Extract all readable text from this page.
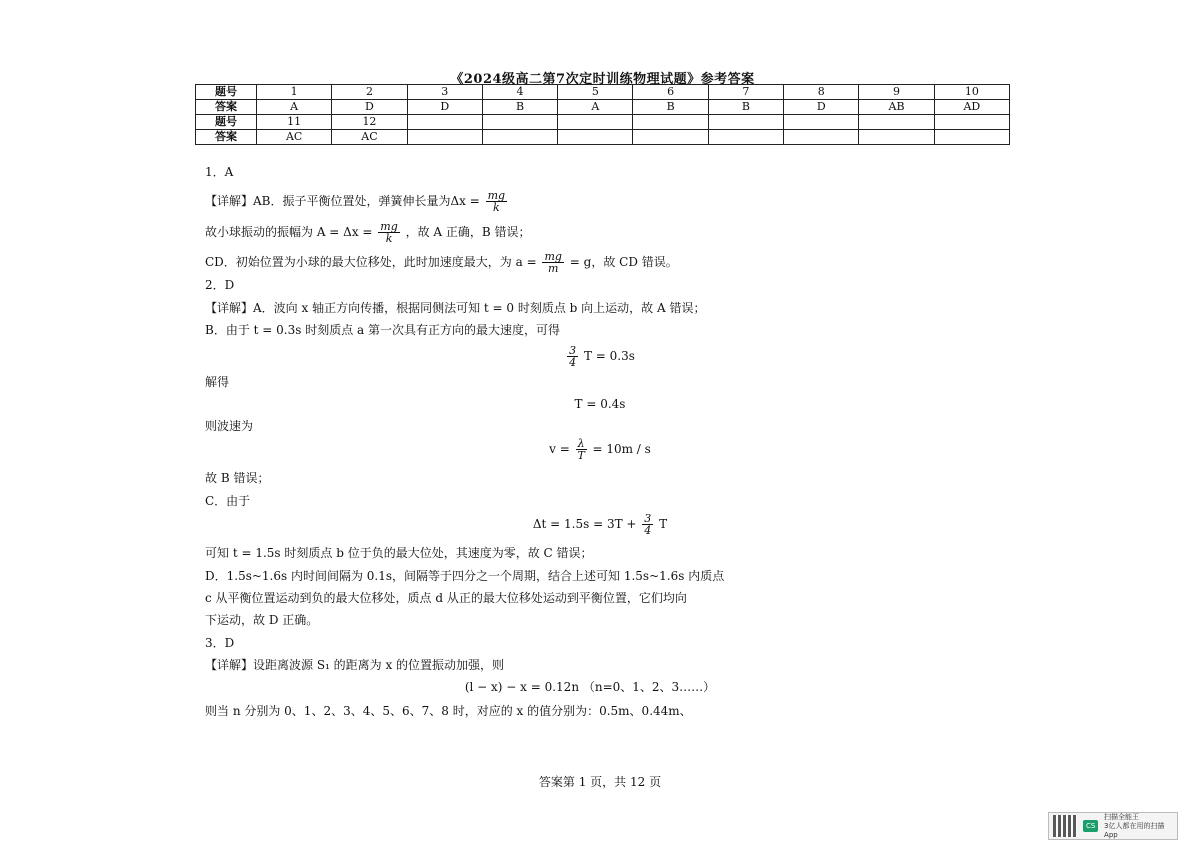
《2024级高二第7次定时训练物理试题》参考答案
题号	1	2	3	4	5	6	7	8	9	10
答案	A	D	D	B	A	B	B	D	AB	AD
题号	11	12								
答案	AC	AC								
1．A
【详解】AB．振子平衡位置处，弹簧伸长量为$\Delta x = \frac{mg}{k}$
故小球振动的振幅为 $A = \Delta x = \frac{mg}{k}$ ，故 A 正确，B 错误；
CD．初始位置为小球的最大位移处，此时加速度最大，为 $a = \frac{mg}{m} = g$，故 CD 错误。
2．D
【详解】A．波向 x 轴正方向传播，根据同侧法可知 t = 0 时刻质点 b 向上运动，故 A 错误；
B．由于 t = 0.3s 时刻质点 a 第一次具有正方向的最大速度，可得
$\frac{3}{4}$ T = 0.3s
解得
T = 0.4s
则波速为
$v = \frac{\lambda}{T} = 10m / s$
故 B 错误；
C．由于
$\Delta t = 1.5s = 3T + \frac{3}{4}$ T
可知 t = 1.5s 时刻质点 b 位于负的最大位处，其速度为零，故 C 错误；
D．1.5s~1.6s 内时间间隔为 0.1s，间隔等于四分之一个周期，结合上述可知 1.5s~1.6s 内质点
c 从平衡位置运动到负的最大位移处，质点 d 从正的最大位移处运动到平衡位置，它们均向
下运动，故 D 正确。
3．D
【详解】设距离波源 S₁ 的距离为 x 的位置振动加强，则
(l − x) − x = 0.12n （n=0、1、2、3……）
则当 n 分别为 0、1、2、3、4、5、6、7、8 时，对应的 x 的值分别为：0.5m、0.44m、
答案第 1 页，共 12 页
CS
扫描全能王
3亿人都在用的扫描App
